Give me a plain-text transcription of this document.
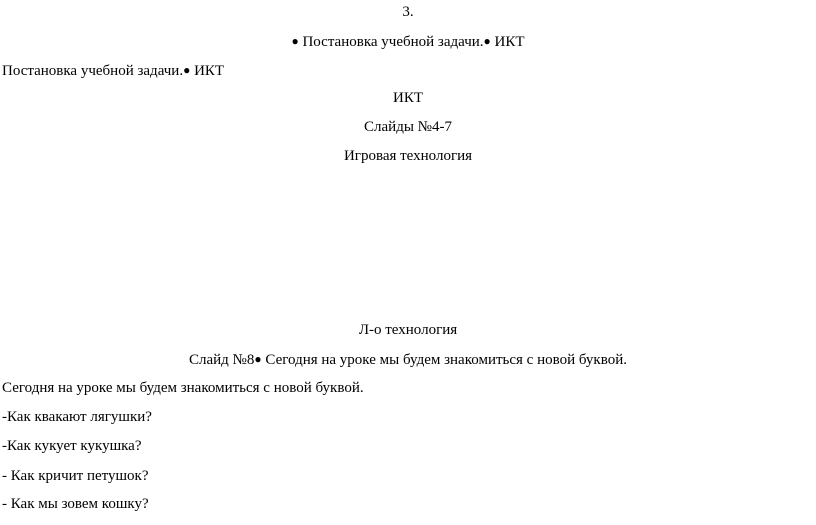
3.
● Постановка учебной задачи.● ИКТ
Постановка учебной задачи.● ИКТ
ИКТ
Слайды №4-7
Игровая технология
Л-о технология
Слайд №8● Сегодня на уроке мы будем знакомиться с новой буквой.
Сегодня на уроке мы будем знакомиться с новой буквой.
-Как квакают лягушки?
-Как кукует кукушка?
- Как кричит петушок?
- Как мы зовем кошку?
